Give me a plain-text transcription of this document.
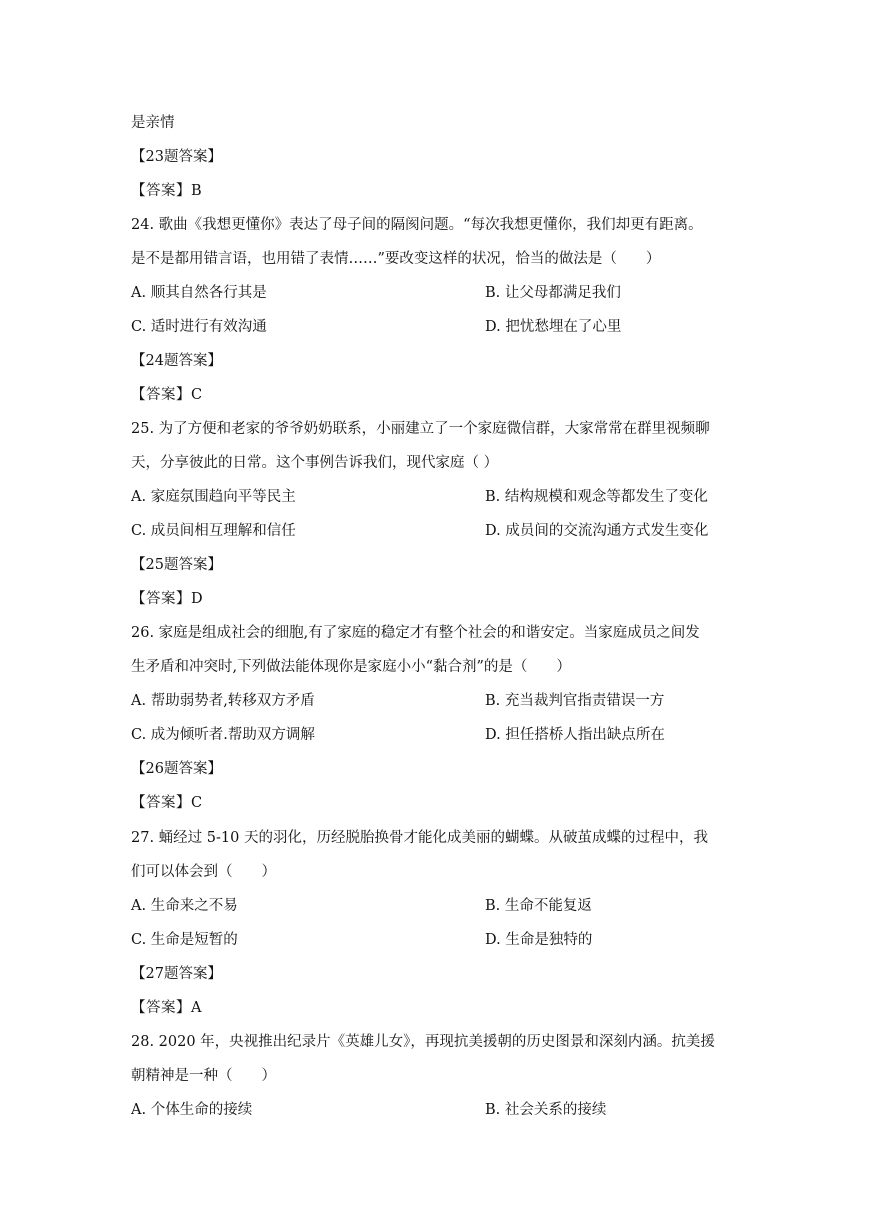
是亲情
【23题答案】
【答案】B
24. 歌曲《我想更懂你》表达了母子间的隔阂问题。“每次我想更懂你，我们却更有距离。
是不是都用错言语，也用错了表情……”要改变这样的状况，恰当的做法是（　　）
A. 顺其自然各行其是	B. 让父母都满足我们
C. 适时进行有效沟通	D. 把忧愁埋在了心里
【24题答案】
【答案】C
25. 为了方便和老家的爷爷奶奶联系，小丽建立了一个家庭微信群，大家常常在群里视频聊
天，分享彼此的日常。这个事例告诉我们，现代家庭（ ）
A. 家庭氛围趋向平等民主	B. 结构规模和观念等都发生了变化
C. 成员间相互理解和信任	D. 成员间的交流沟通方式发生变化
【25题答案】
【答案】D
26. 家庭是组成社会的细胞,有了家庭的稳定才有整个社会的和谐安定。当家庭成员之间发
生矛盾和冲突时,下列做法能体现你是家庭小小“黏合剂”的是（　　）
A. 帮助弱势者,转移双方矛盾	B. 充当裁判官指责错误一方
C. 成为倾听者.帮助双方调解	D. 担任搭桥人指出缺点所在
【26题答案】
【答案】C
27. 蛹经过 5-10 天的羽化，历经脱胎换骨才能化成美丽的蝴蝶。从破茧成蝶的过程中，我
们可以体会到（　　）
A. 生命来之不易	B. 生命不能复返
C. 生命是短暂的	D. 生命是独特的
【27题答案】
【答案】A
28. 2020 年，央视推出纪录片《英雄儿女》，再现抗美援朝的历史图景和深刻内涵。抗美援
朝精神是一种（　　）
A. 个体生命的接续	B. 社会关系的接续
